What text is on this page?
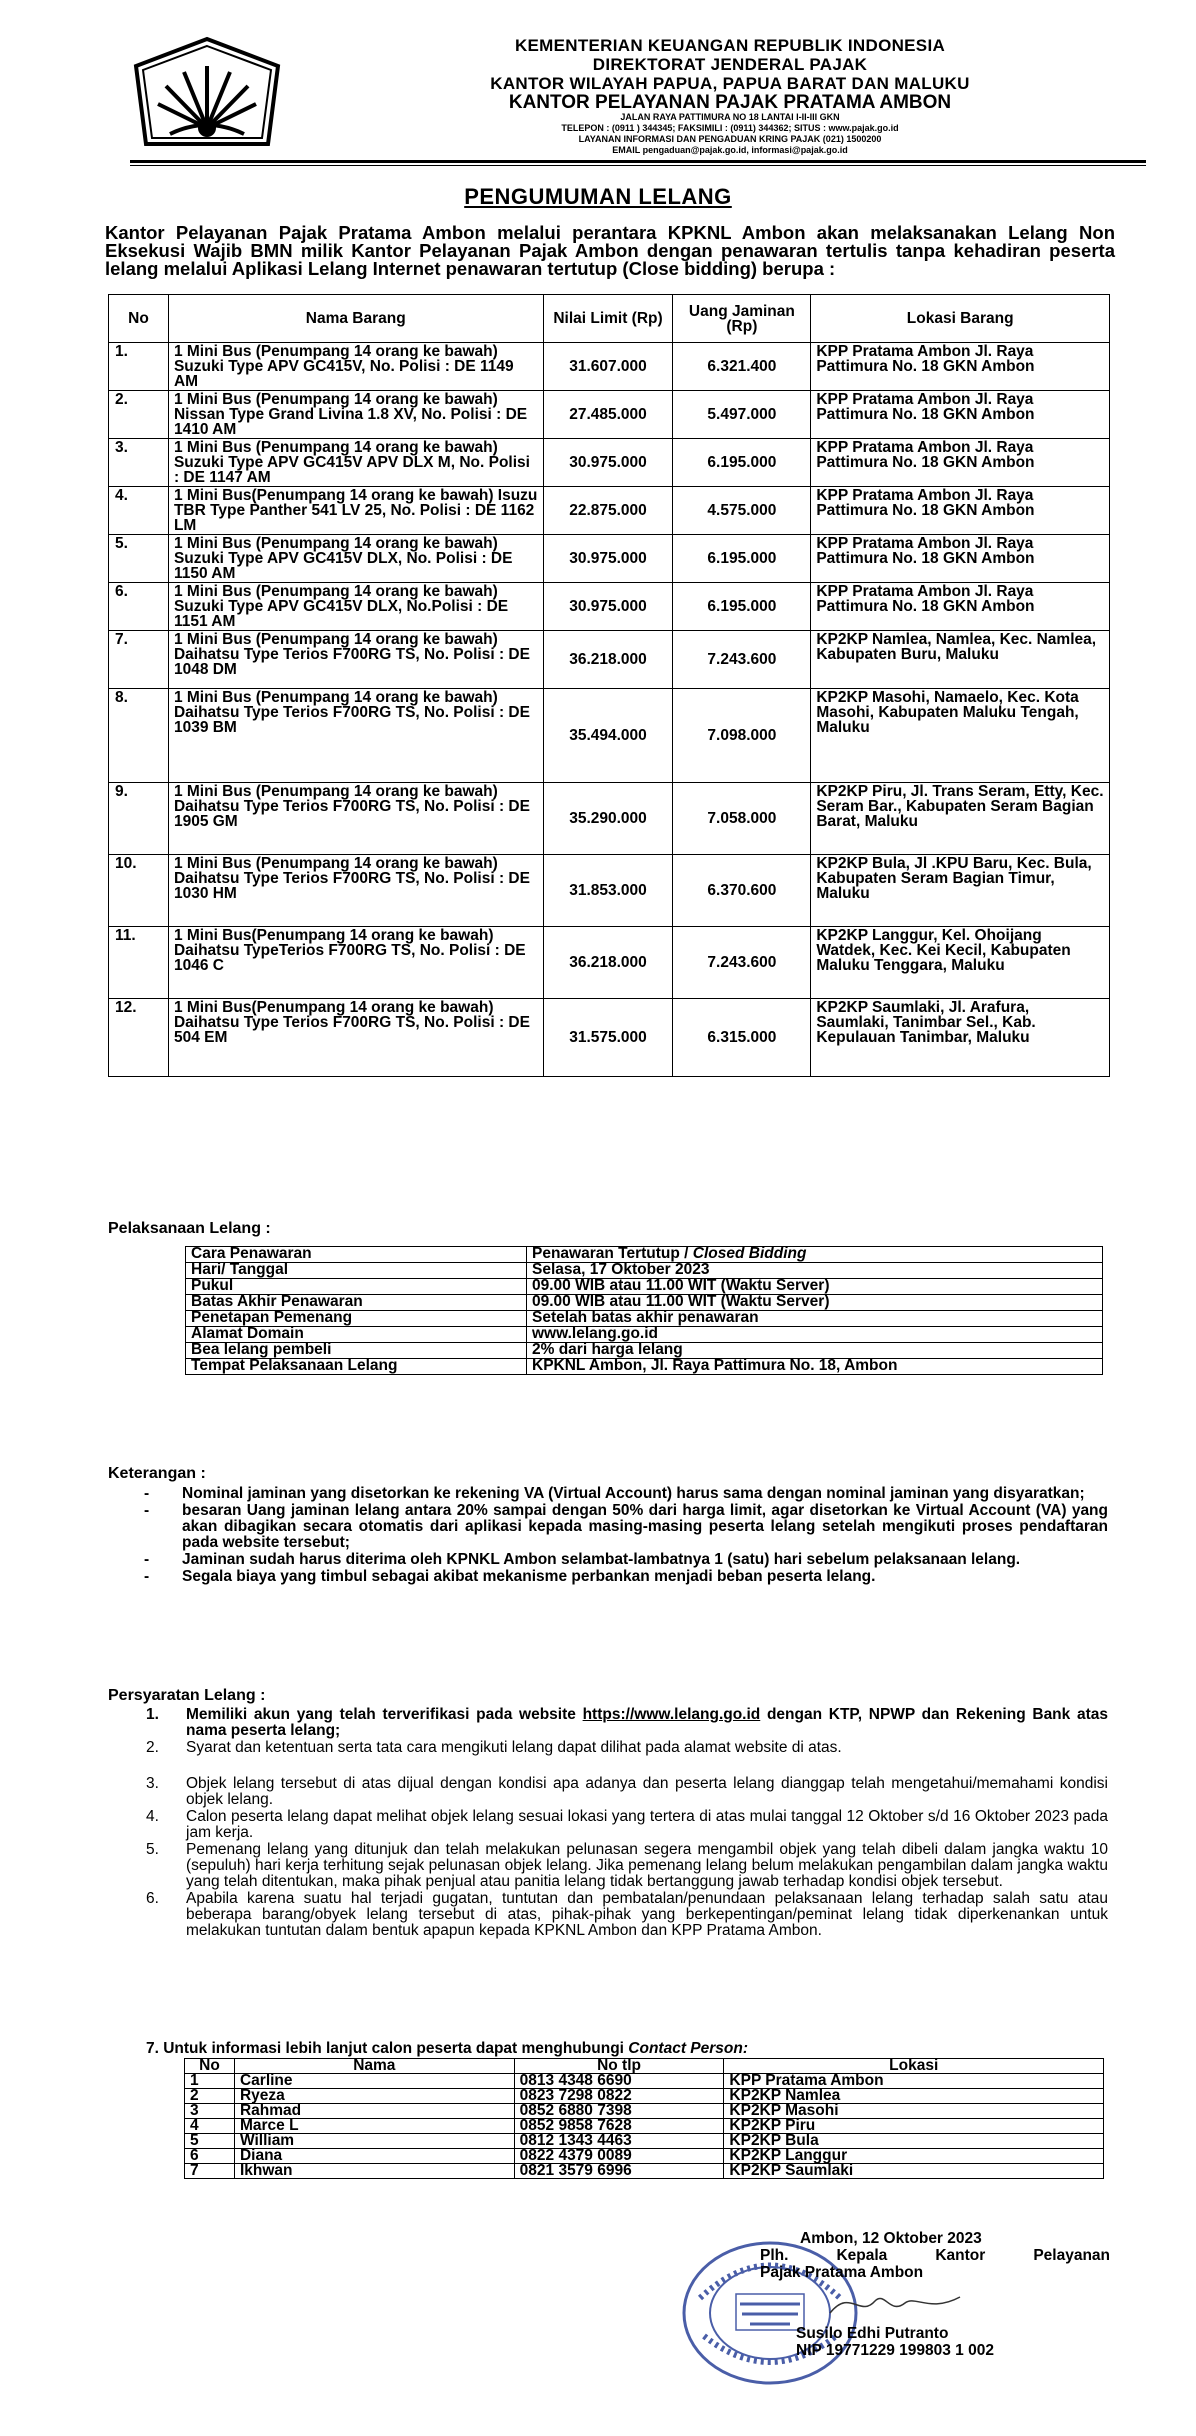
KEMENTERIAN KEUANGAN REPUBLIK INDONESIA
DIREKTORAT JENDERAL PAJAK
KANTOR WILAYAH PAPUA, PAPUA BARAT DAN MALUKU
KANTOR PELAYANAN PAJAK PRATAMA AMBON
JALAN RAYA PATTIMURA NO 18 LANTAI I-II-III GKN
TELEPON : (0911 ) 344345; FAKSIMILI : (0911) 344362; SITUS : www.pajak.go.id
LAYANAN INFORMASI DAN PENGADUAN KRING PAJAK (021) 1500200
EMAIL pengaduan@pajak.go.id, informasi@pajak.go.id
PENGUMUMAN LELANG
Kantor Pelayanan Pajak Pratama Ambon melalui perantara KPKNL Ambon akan melaksanakan Lelang Non Eksekusi Wajib BMN milik Kantor Pelayanan Pajak Ambon dengan penawaran tertulis tanpa kehadiran peserta lelang melalui Aplikasi Lelang Internet penawaran tertutup (Close bidding) berupa :
No	Nama Barang	Nilai Limit (Rp)	Uang Jaminan (Rp)	Lokasi Barang
1.	1 Mini Bus (Penumpang 14 orang ke bawah) Suzuki Type APV GC415V, No. Polisi : DE 1149 AM	31.607.000	6.321.400	KPP Pratama Ambon Jl. Raya Pattimura No. 18 GKN Ambon
2.	1 Mini Bus (Penumpang 14 orang ke bawah) Nissan Type Grand Livina 1.8 XV, No. Polisi : DE 1410 AM	27.485.000	5.497.000	KPP Pratama Ambon Jl. Raya Pattimura No. 18 GKN Ambon
3.	1 Mini Bus (Penumpang 14 orang ke bawah) Suzuki Type APV GC415V APV DLX M, No. Polisi : DE 1147 AM	30.975.000	6.195.000	KPP Pratama Ambon Jl. Raya Pattimura No. 18 GKN Ambon
4.	1 Mini Bus(Penumpang 14 orang ke bawah) Isuzu TBR Type Panther 541 LV 25, No. Polisi : DE 1162 LM	22.875.000	4.575.000	KPP Pratama Ambon Jl. Raya Pattimura No. 18 GKN Ambon
5.	1 Mini Bus (Penumpang 14 orang ke bawah) Suzuki Type APV GC415V DLX, No. Polisi : DE 1150 AM	30.975.000	6.195.000	KPP Pratama Ambon Jl. Raya Pattimura No. 18 GKN Ambon
6.	1 Mini Bus (Penumpang 14 orang ke bawah) Suzuki Type APV GC415V DLX, No.Polisi : DE 1151 AM	30.975.000	6.195.000	KPP Pratama Ambon Jl. Raya Pattimura No. 18 GKN Ambon
7.	1 Mini Bus (Penumpang 14 orang ke bawah) Daihatsu Type Terios F700RG TS, No. Polisi : DE 1048 DM	36.218.000	7.243.600	KP2KP Namlea, Namlea, Kec. Namlea, Kabupaten Buru, Maluku
8.	1 Mini Bus (Penumpang 14 orang ke bawah) Daihatsu Type Terios F700RG TS, No. Polisi : DE 1039 BM	35.494.000	7.098.000	KP2KP Masohi, Namaelo, Kec. Kota Masohi, Kabupaten Maluku Tengah, Maluku
9.	1 Mini Bus (Penumpang 14 orang ke bawah) Daihatsu Type Terios F700RG TS, No. Polisi : DE 1905 GM	35.290.000	7.058.000	KP2KP Piru, Jl. Trans Seram, Etty, Kec. Seram Bar., Kabupaten Seram Bagian Barat, Maluku
10.	1 Mini Bus (Penumpang 14 orang ke bawah) Daihatsu Type Terios F700RG TS, No. Polisi : DE 1030 HM	31.853.000	6.370.600	KP2KP Bula, Jl .KPU Baru, Kec. Bula, Kabupaten Seram Bagian Timur, Maluku
11.	1 Mini Bus(Penumpang 14 orang ke bawah) Daihatsu TypeTerios F700RG TS, No. Polisi : DE 1046 C	36.218.000	7.243.600	KP2KP Langgur, Kel. Ohoijang Watdek, Kec. Kei Kecil, Kabupaten Maluku Tenggara, Maluku
12.	1 Mini Bus(Penumpang 14 orang ke bawah) Daihatsu Type Terios F700RG TS, No. Polisi : DE 504 EM	31.575.000	6.315.000	KP2KP Saumlaki, Jl. Arafura, Saumlaki, Tanimbar Sel., Kab. Kepulauan Tanimbar, Maluku
Pelaksanaan Lelang :
Cara Penawaran	Penawaran Tertutup / Closed Bidding
Hari/ Tanggal	Selasa, 17 Oktober 2023
Pukul	09.00 WIB atau 11.00 WIT (Waktu Server)
Batas Akhir Penawaran	09.00 WIB atau 11.00 WIT (Waktu Server)
Penetapan Pemenang	Setelah batas akhir penawaran
Alamat Domain	www.lelang.go.id
Bea lelang pembeli	2% dari harga lelang
Tempat Pelaksanaan Lelang	KPKNL Ambon, Jl. Raya Pattimura No. 18, Ambon
Keterangan :
- Nominal jaminan yang disetorkan ke rekening VA (Virtual Account) harus sama dengan nominal jaminan yang disyaratkan;
- besaran Uang jaminan lelang antara 20% sampai dengan 50% dari harga limit, agar disetorkan ke Virtual Account (VA) yang akan dibagikan secara otomatis dari aplikasi kepada masing-masing peserta lelang setelah mengikuti proses pendaftaran pada website tersebut;
- Jaminan sudah harus diterima oleh KPNKL Ambon selambat-lambatnya 1 (satu) hari sebelum pelaksanaan lelang.
- Segala biaya yang timbul sebagai akibat mekanisme perbankan menjadi beban peserta lelang.
Persyaratan Lelang :
1. Memiliki akun yang telah terverifikasi pada website https://www.lelang.go.id dengan KTP, NPWP dan Rekening Bank atas nama peserta lelang;
2. Syarat dan ketentuan serta tata cara mengikuti lelang dapat dilihat pada alamat website di atas.
3. Objek lelang tersebut di atas dijual dengan kondisi apa adanya dan peserta lelang dianggap telah mengetahui/memahami kondisi objek lelang.
4. Calon peserta lelang dapat melihat objek lelang sesuai lokasi yang tertera di atas mulai tanggal 12 Oktober s/d 16 Oktober 2023 pada jam kerja.
5. Pemenang lelang yang ditunjuk dan telah melakukan pelunasan segera mengambil objek yang telah dibeli dalam jangka waktu 10 (sepuluh) hari kerja terhitung sejak pelunasan objek lelang. Jika pemenang lelang belum melakukan pengambilan dalam jangka waktu yang telah ditentukan, maka pihak penjual atau panitia lelang tidak bertanggung jawab terhadap kondisi objek tersebut.
6. Apabila karena suatu hal terjadi gugatan, tuntutan dan pembatalan/penundaan pelaksanaan lelang terhadap salah satu atau beberapa barang/obyek lelang tersebut di atas, pihak-pihak yang berkepentingan/peminat lelang tidak diperkenankan untuk melakukan tuntutan dalam bentuk apapun kepada KPKNL Ambon dan KPP Pratama Ambon.
7. Untuk informasi lebih lanjut calon peserta dapat menghubungi Contact Person:
No	Nama	No tlp	Lokasi
1	Carline	0813 4348 6690	KPP Pratama Ambon
2	Ryeza	0823 7298 0822	KP2KP Namlea
3	Rahmad	0852 6880 7398	KP2KP Masohi
4	Marce L	0852 9858 7628	KP2KP Piru
5	William	0812 1343 4463	KP2KP Bula
6	Diana	0822 4379 0089	KP2KP Langgur
7	Ikhwan	0821 3579 6996	KP2KP Saumlaki
Ambon, 12 Oktober 2023
Plh. Kepala Kantor Pelayanan
Pajak Pratama Ambon
Susilo Edhi Putranto
NIP 19771229 199803 1 002
